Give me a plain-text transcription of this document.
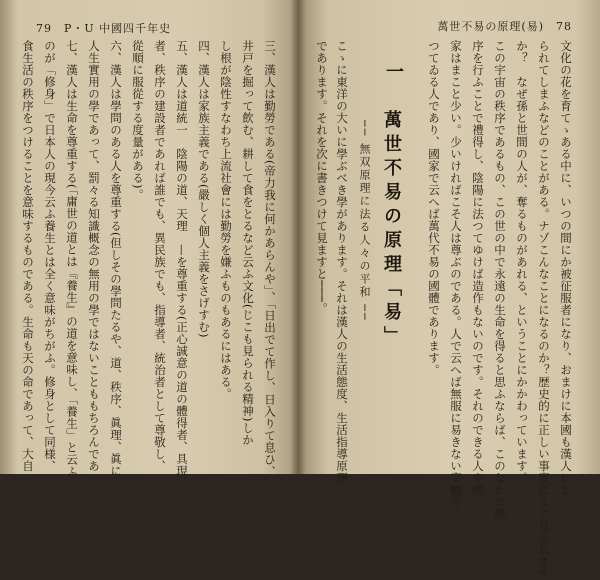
79　P・U 中國四千年史
食生活の秩序をつけることを意味するものである。生命も天の命であって、大自 のが「修身」で日本人の現今云ふ養生とは全く意味がちがふ。修身として同様、 七、漢人は生命を尊重する(「庸世の道とは『養生』の道を意味し、「養生」と云ふ 人生實用の學であって、罰々る知識概念の無用の學ではないことももちろんであ 六、漢人は學問のある人を尊重する(但しその學問たるや、道、秩序、眞理、眞に 從順に服從する度量がある)。 者、秩序の建設者であれば誰でも、異民族でも、指導者、統治者として尊敬し、 五、漢人は道統一　陰陽の道、天理　—を尊重する(正心誠意の道の體得者、具現 四、漢人は家族主義である(嚴しく個人主義をさげすむ) し根が陰性すなわち上流社會には勤勞を嫌ふものもあるにはある。 井戸を掘って飲む、耕して食をとるなど云ふ文化(じこも見られる精神)しか 三、漢人は勤勞である(帝力我に何かあらんや」、「日出でて作し、日入りて息ひ、
萬世不易の原理(易)　78
であります。それを次に書きつけて見ますと───。 こゝに東洋の大いに學ぶべき學があります。それは漢人の生活態度、生活指導原理 ── 無双原理に法る人々の平和 ── 萬世不易の原理「易」
一 つてゐる人であり、國家で云へば萬代不易の國體であります。 家はまこと少い。少いければこそ人は尊ぶのである。人で云へば無服に易きない宰輔を 序を行ふことで禮得し、陰陽に法つてゆけば造作もないのです。それのできる人や國 この宇宙の秩序であるもの、この世の中で永遠の生命を得ると思ふならば、このなかの鉄 か？　なぜ孫と世間の人が、奪るものがあれる、ということにかかわっています。 られてしまふなどのことがある。ナゾこんなことになるのか？歴史的に正しい事實によく見られます 文化の花を育てゝある中に、いつの間にか被征服者になり、おまけに本國も漢人にと
